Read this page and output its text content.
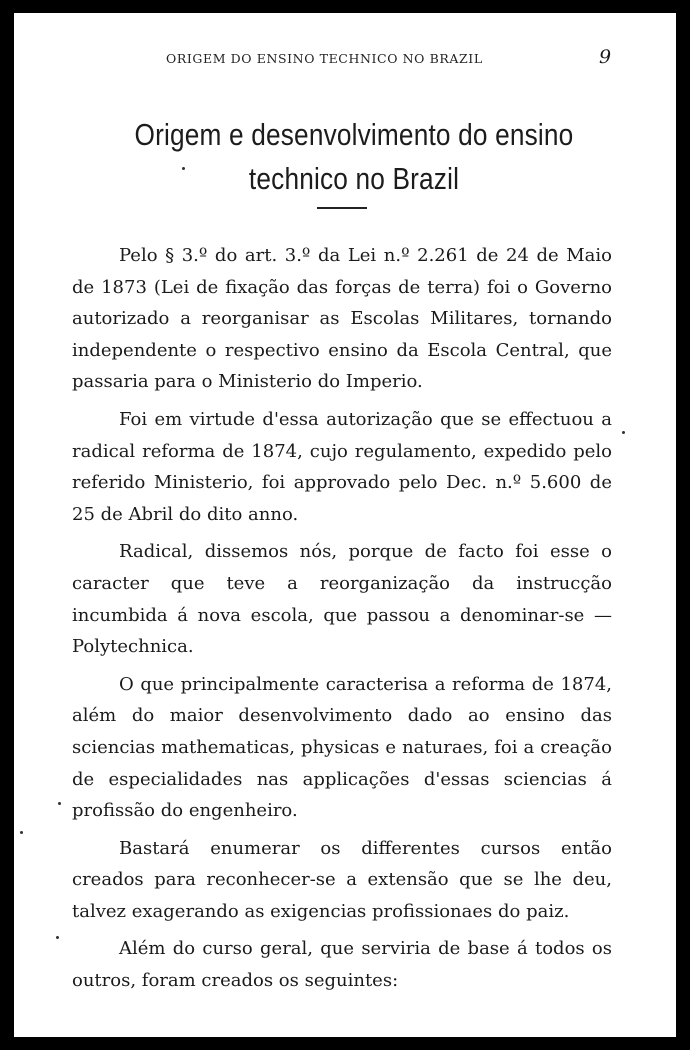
ORIGEM DO ENSINO TECHNICO NO BRAZIL	9
Origem e desenvolvimento do ensino
technico no Brazil

Pelo § 3.º do art. 3.º da Lei n.º 2.261 de 24 de Maio de 1873 (Lei de fixação das forças de terra) foi o Governo autorizado a reorganisar as Escolas Militares, tornando independente o respectivo ensino da Escola Central, que passaria para o Ministerio do Imperio.

Foi em virtude d'essa autorização que se effectuou a radical reforma de 1874, cujo regulamento, expedido pelo referido Ministerio, foi approvado pelo Dec. n.º 5.600 de 25 de Abril do dito anno.

Radical, dissemos nós, porque de facto foi esse o caracter que teve a reorganização da instrucção incumbida á nova escola, que passou a denominar-se —Polytechnica.

O que principalmente caracterisa a reforma de 1874, além do maior desenvolvimento dado ao ensino das sciencias mathematicas, physicas e naturaes, foi a creação de especialidades nas applicações d'essas sciencias á profissão do engenheiro.

Bastará enumerar os differentes cursos então creados para reconhecer-se a extensão que se lhe deu, talvez exagerando as exigencias profissionaes do paiz.

Além do curso geral, que serviria de base á todos os outros, foram creados os seguintes:
